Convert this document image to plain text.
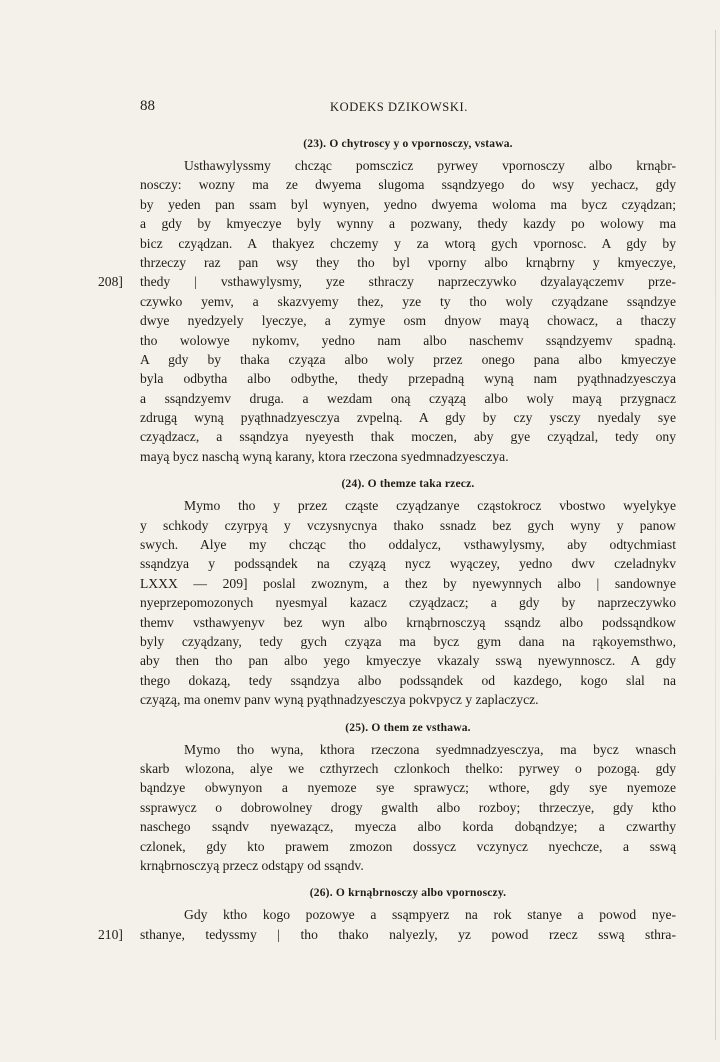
88	KODEKS DZIKOWSKI.
(23). O chytroscy y o vpornosczy, vstawa.
Usthawylyssmy chcząc pomsczicz pyrwey vpornosczy albo krnąbr-
nosczy: wozny ma ze dwyema slugoma ssąndzyego do wsy yechacz, gdy
by yeden pan ssam byl wynyen, yedno dwyema woloma ma bycz czyądzan;
a gdy by kmyeczye byly wynny a pozwany, thedy kazdy po wolowy ma
bicz czyądzan. A thakyez chczemy y za wtorą gych vpornosc. A gdy by
thrzeczy raz pan wsy they tho byl vporny albo krnąbrny y kmyeczye,
thedy | vsthawylysmy, yze sthraczy naprzeczywko dzyalayączemv prze-
208]
czywko yemv, a skazvyemy thez, yze ty tho woly czyądzane ssąndzye
dwye nyedzyely lyeczye, a zymye osm dnyow mayą chowacz, a thaczy
tho wolowye nykomv, yedno nam albo naschemv ssąndzyemv spadną.
A gdy by thaka czyąza albo woly przez onego pana albo kmyeczye
byla odbytha albo odbythe, thedy przepadną wyną nam pyąthnadzyesczya
a ssąndzyemv druga. a wezdam oną czyązą albo woly mayą przygnacz
zdrugą wyną pyąthnadzyesczya zvpelną. A gdy by czy ysczy nyedaly sye
czyądzacz, a ssąndzya nyeyesth thak moczen, aby gye czyądzal, tedy ony
mayą bycz naschą wyną karany, ktora rzeczona syedmnadzyesczya.
(24). O themze taka rzecz.
Mymo tho y przez cząste czyądzanye cząstokrocz vbostwo wyelykye
y schkody czyrpyą y vczysnycnya thako ssnadz bez gych wyny y panow
swych. Alye my chcząc tho oddalycz, vsthawylysmy, aby odtychmiast
ssąndzya y podssąndek na czyązą nycz wyączey, yedno dwv czeladnykv
LXXX — 209] poslal zwoznym, a thez by nyewynnych albo | sandownye
nyeprzepomozonych nyesmyal kazacz czyądzacz; a gdy by naprzeczywko
themv vsthawyenyv bez wyn albo krnąbrnosczyą ssąndz albo podssąndkow
byly czyądzany, tedy gych czyąza ma bycz gym dana na rąkoyemsthwo,
aby then tho pan albo yego kmyeczye vkazaly sswą nyewynnoscz. A gdy
thego dokazą, tedy ssąndzya albo podssąndek od kazdego, kogo slal na
czyązą, ma onemv panv wyną pyąthnadzyesczya pokvpycz y zaplaczycz.
(25). O them ze vsthawa.
Mymo tho wyna, kthora rzeczona syedmnadzyesczya, ma bycz wnasch
skarb wlozona, alye we czthyrzech czlonkoch thelko: pyrwey o pozogą. gdy
bąndzye obwynyon a nyemoze sye sprawycz; wthore, gdy sye nyemoze
ssprawycz o dobrowolney drogy gwalth albo rozboy; thrzeczye, gdy ktho
naschego ssąndv nyewazącz, myecza albo korda dobąndzye; a czwarthy
czlonek, gdy kto prawem zmozon dossycz vczynycz nyechcze, a sswą
krnąbrnosczyą przecz odstąpy od ssąndv.
(26). O krnąbrnosczy albo vpornosczy.
Gdy ktho kogo pozowye a ssąmpyerz na rok stanye a powod nye-
sthanye, tedyssmy | tho thako nalyezly, yz powod rzecz sswą sthra-
210]
